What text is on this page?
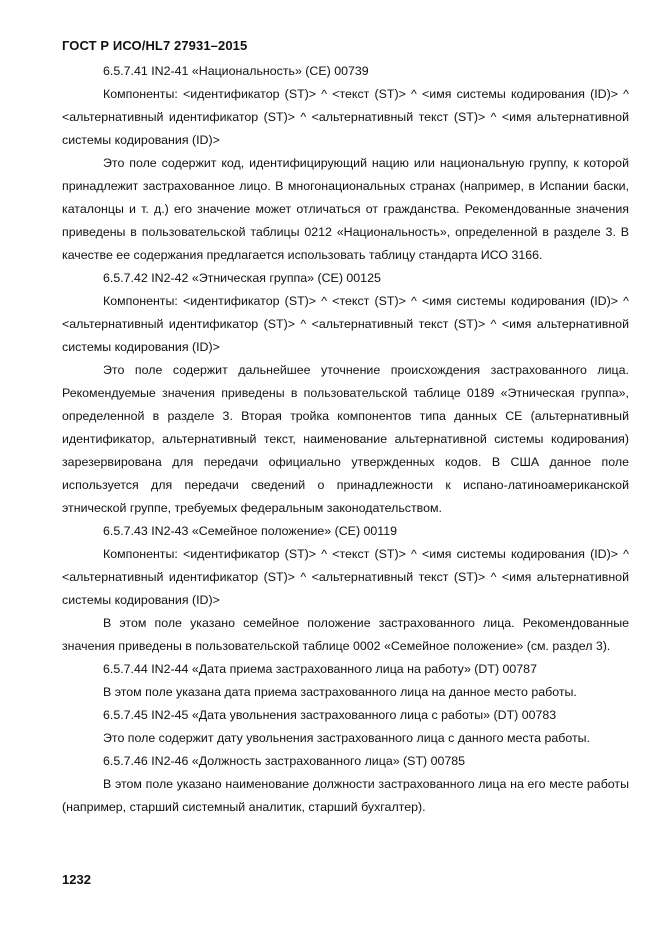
ГОСТ Р ИСО/HL7 27931–2015

6.5.7.41 IN2-41 «Национальность» (CE) 00739

Компоненты: <идентификатор (ST)> ^ <текст (ST)> ^ <имя системы кодирования (ID)> ^ <альтернативный идентификатор (ST)> ^ <альтернативный текст (ST)> ^ <имя альтернативной системы кодирования (ID)>

Это поле содержит код, идентифицирующий нацию или национальную группу, к которой принадлежит застрахованное лицо. В многонациональных странах (например, в Испании баски, каталонцы и т. д.) его значение может отличаться от гражданства. Рекомендованные значения приведены в пользовательской таблицы 0212 «Национальность», определенной в разделе 3. В качестве ее содержания предлагается использовать таблицу стандарта ИСО 3166.

6.5.7.42 IN2-42 «Этническая группа» (CE) 00125

Компоненты: <идентификатор (ST)> ^ <текст (ST)> ^ <имя системы кодирования (ID)> ^ <альтернативный идентификатор (ST)> ^ <альтернативный текст (ST)> ^ <имя альтернативной системы кодирования (ID)>

Это поле содержит дальнейшее уточнение происхождения застрахованного лица. Рекомендуемые значения приведены в пользовательской таблице 0189 «Этническая группа», определенной в разделе 3. Вторая тройка компонентов типа данных CE (альтернативный идентификатор, альтернативный текст, наименование альтернативной системы кодирования) зарезервирована для передачи официально утвержденных кодов. В США данное поле используется для передачи сведений о принадлежности к испано-латиноамериканской этнической группе, требуемых федеральным законодательством.

6.5.7.43 IN2-43 «Семейное положение» (CE) 00119

Компоненты: <идентификатор (ST)> ^ <текст (ST)> ^ <имя системы кодирования (ID)> ^ <альтернативный идентификатор (ST)> ^ <альтернативный текст (ST)> ^ <имя альтернативной системы кодирования (ID)>

В этом поле указано семейное положение застрахованного лица. Рекомендованные значения приведены в пользовательской таблице 0002 «Семейное положение» (см. раздел 3).

6.5.7.44 IN2-44 «Дата приема застрахованного лица на работу» (DT) 00787

В этом поле указана дата приема застрахованного лица на данное место работы.

6.5.7.45 IN2-45 «Дата увольнения застрахованного лица с работы» (DT) 00783

Это поле содержит дату увольнения застрахованного лица с данного места работы.

6.5.7.46 IN2-46 «Должность застрахованного лица» (ST) 00785

В этом поле указано наименование должности застрахованного лица на его месте работы (например, старший системный аналитик, старший бухгалтер).

1232
